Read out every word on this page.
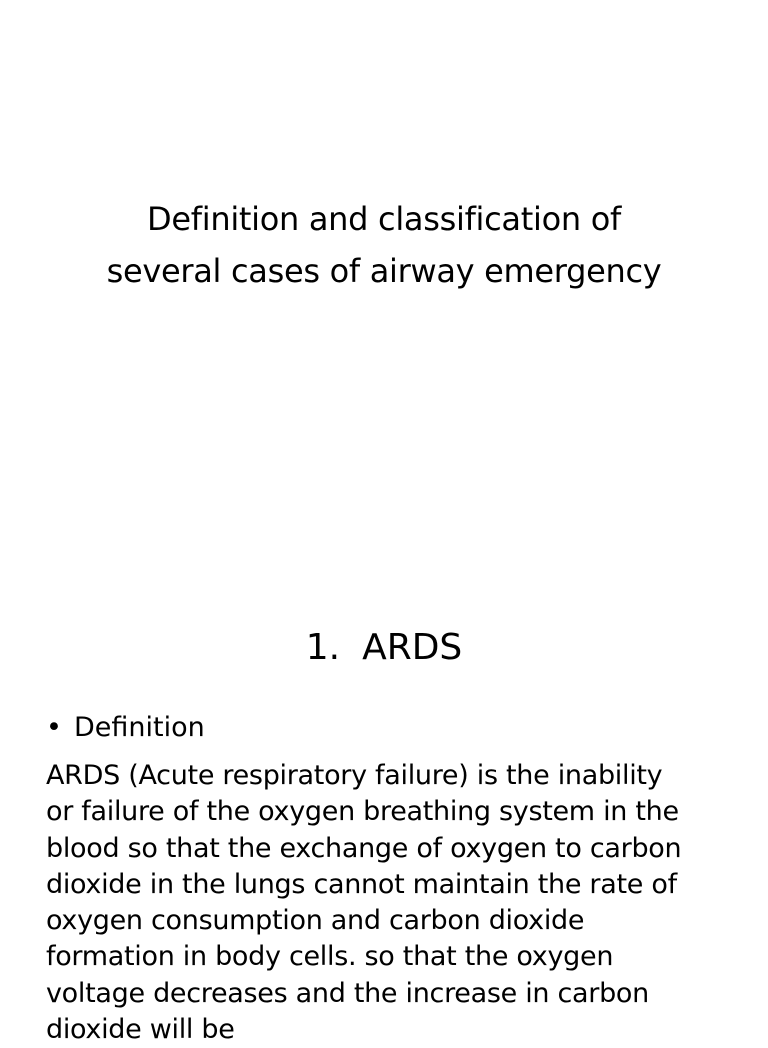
Definition and classification of
several cases of airway emergency
1. ARDS
• Definition
ARDS (Acute respiratory failure) is the inability
or failure of the oxygen breathing system in the
blood so that the exchange of oxygen to carbon
dioxide in the lungs cannot maintain the rate of
oxygen consumption and carbon dioxide
formation in body cells. so that the oxygen
voltage decreases and the increase in carbon
dioxide will be
